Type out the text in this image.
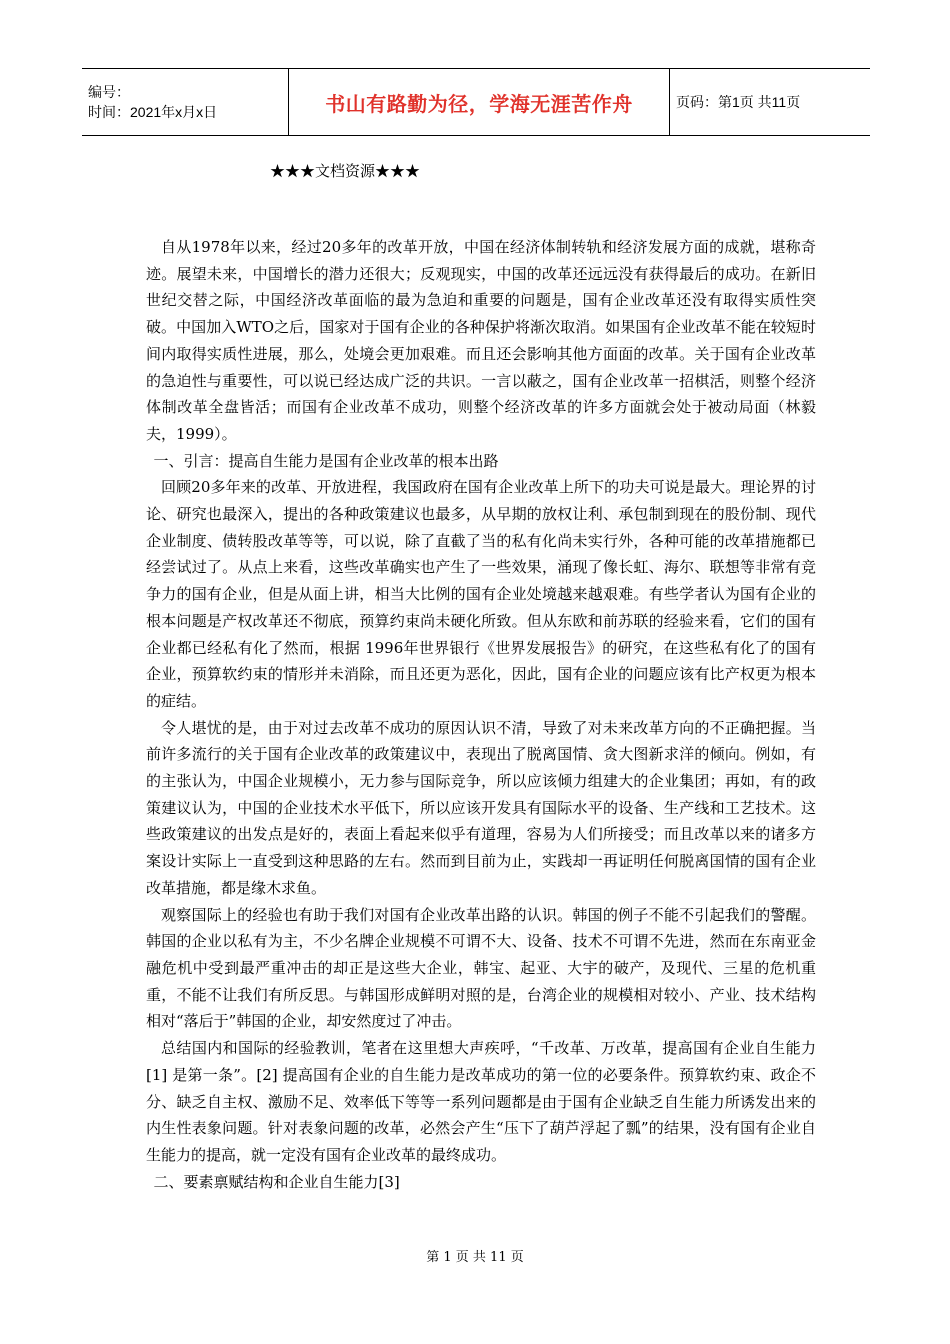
编号：
时间：2021年x月x日	书山有路勤为径，学海无涯苦作舟	页码：第1页 共11页
★★★文档资源★★★

自从1978年以来，经过20多年的改革开放，中国在经济体制转轨和经济发展方面的成就，堪称奇迹。展望未来，中国增长的潜力还很大；反观现实，中国的改革还远远没有获得最后的成功。在新旧世纪交替之际，中国经济改革面临的最为急迫和重要的问题是，国有企业改革还没有取得实质性突破。中国加入WTO之后，国家对于国有企业的各种保护将渐次取消。如果国有企业改革不能在较短时间内取得实质性进展，那么，处境会更加艰难。而且还会影响其他方面面的改革。关于国有企业改革的急迫性与重要性，可以说已经达成广泛的共识。一言以蔽之，国有企业改革一招棋活，则整个经济体制改革全盘皆活；而国有企业改革不成功，则整个经济改革的许多方面就会处于被动局面（林毅夫，1999）。

一、引言：提高自生能力是国有企业改革的根本出路

回顾20多年来的改革、开放进程，我国政府在国有企业改革上所下的功夫可说是最大。理论界的讨论、研究也最深入，提出的各种政策建议也最多，从早期的放权让利、承包制到现在的股份制、现代企业制度、债转股改革等等，可以说，除了直截了当的私有化尚未实行外，各种可能的改革措施都已经尝试过了。从点上来看，这些改革确实也产生了一些效果，涌现了像长虹、海尔、联想等非常有竞争力的国有企业，但是从面上讲，相当大比例的国有企业处境越来越艰难。有些学者认为国有企业的根本问题是产权改革还不彻底，预算约束尚未硬化所致。但从东欧和前苏联的经验来看，它们的国有企业都已经私有化了然而，根据 1996年世界银行《世界发展报告》的研究，在这些私有化了的国有企业，预算软约束的情形并未消除，而且还更为恶化，因此，国有企业的问题应该有比产权更为根本的症结。

令人堪忧的是，由于对过去改革不成功的原因认识不清，导致了对未来改革方向的不正确把握。当前许多流行的关于国有企业改革的政策建议中，表现出了脱离国情、贪大图新求洋的倾向。例如，有的主张认为，中国企业规模小，无力参与国际竞争，所以应该倾力组建大的企业集团；再如，有的政策建议认为，中国的企业技术水平低下，所以应该开发具有国际水平的设备、生产线和工艺技术。这些政策建议的出发点是好的，表面上看起来似乎有道理，容易为人们所接受；而且改革以来的诸多方案设计实际上一直受到这种思路的左右。然而到目前为止，实践却一再证明任何脱离国情的国有企业改革措施，都是缘木求鱼。

观察国际上的经验也有助于我们对国有企业改革出路的认识。韩国的例子不能不引起我们的警醒。韩国的企业以私有为主，不少名牌企业规模不可谓不大、设备、技术不可谓不先进，然而在东南亚金融危机中受到最严重冲击的却正是这些大企业，韩宝、起亚、大宇的破产，及现代、三星的危机重重，不能不让我们有所反思。与韩国形成鲜明对照的是，台湾企业的规模相对较小、产业、技术结构相对“落后于”韩国的企业，却安然度过了冲击。

总结国内和国际的经验教训，笔者在这里想大声疾呼，“千改革、万改革，提高国有企业自生能力[1] 是第一条”。[2] 提高国有企业的自生能力是改革成功的第一位的必要条件。预算软约束、政企不分、缺乏自主权、激励不足、效率低下等等一系列问题都是由于国有企业缺乏自生能力所诱发出来的内生性表象问题。针对表象问题的改革，必然会产生“压下了葫芦浮起了瓢”的结果，没有国有企业自生能力的提高，就一定没有国有企业改革的最终成功。

二、要素禀赋结构和企业自生能力[3]

第 1 页 共 11 页
